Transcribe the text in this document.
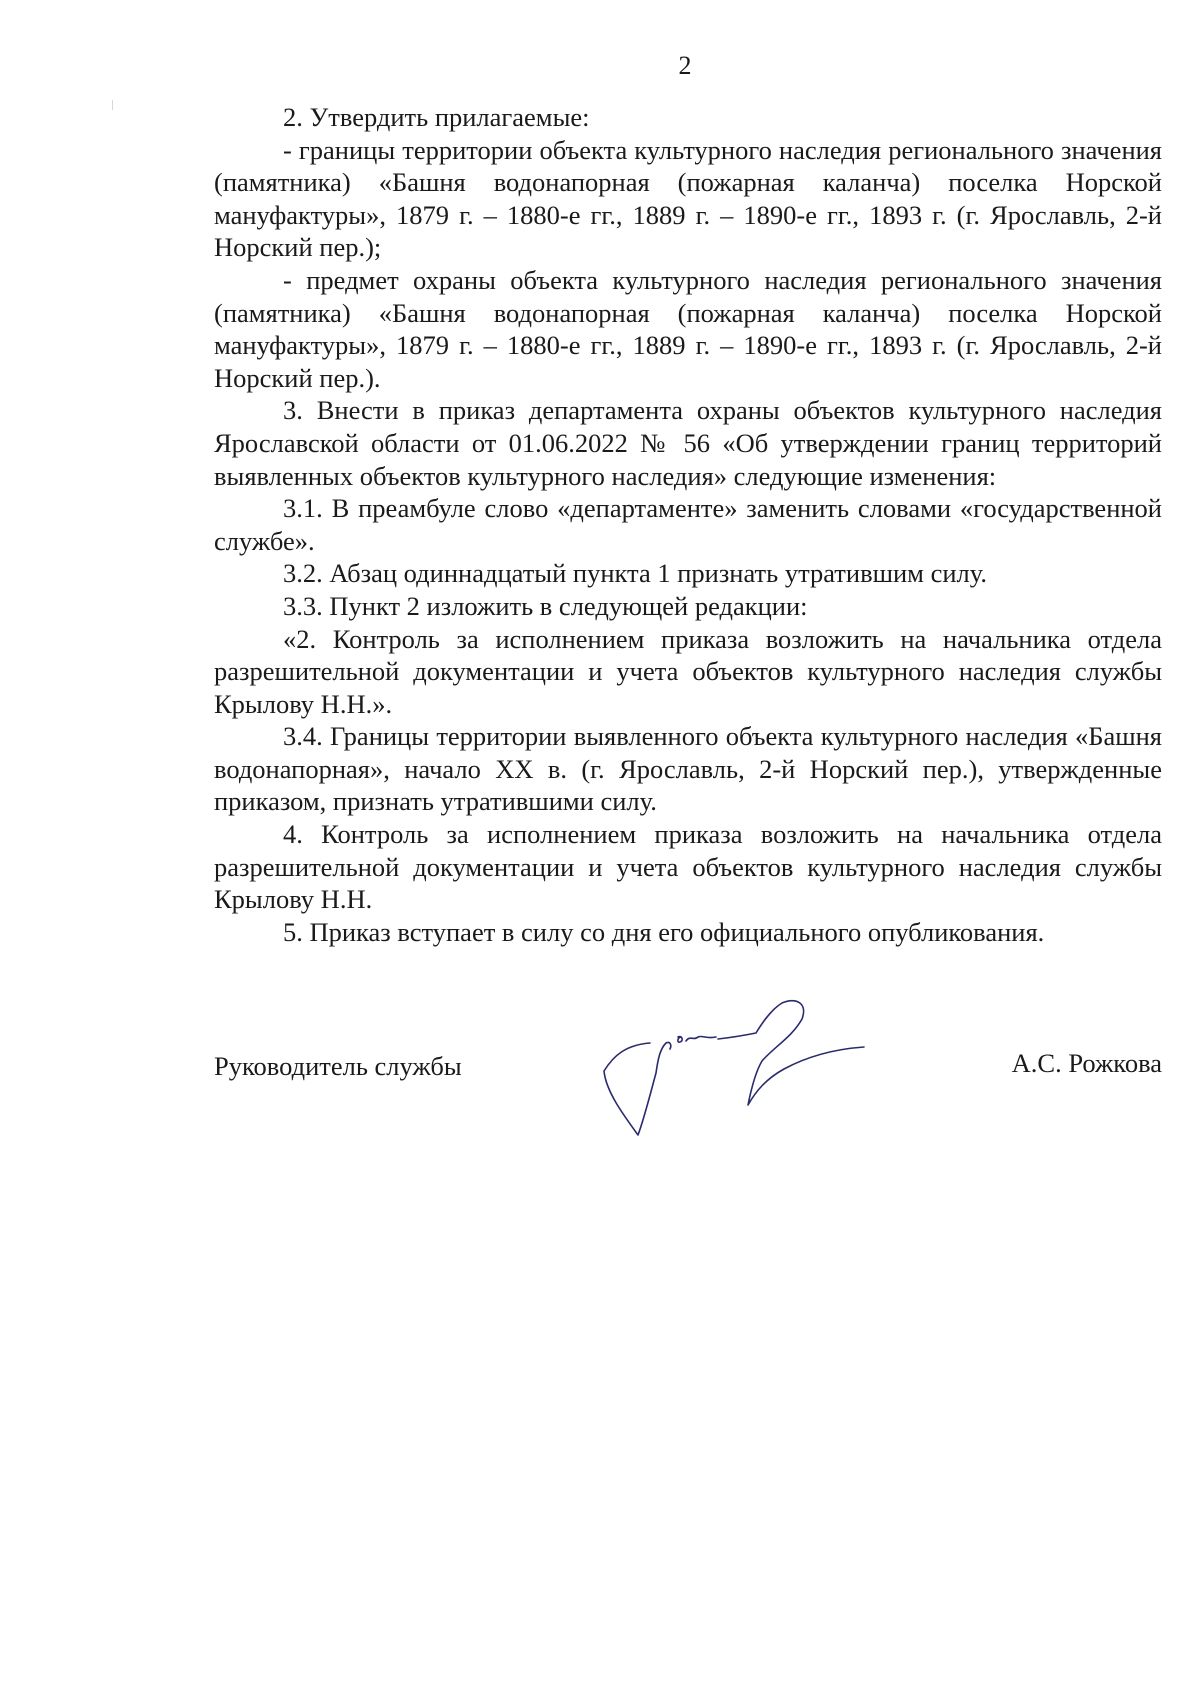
2

2. Утвердить прилагаемые:

- границы территории объекта культурного наследия регионального значения (памятника) «Башня водонапорная (пожарная каланча) поселка Норской мануфактуры», 1879 г. – 1880-е гг., 1889 г. – 1890-е гг., 1893 г. (г. Ярославль, 2-й Норский пер.);

- предмет охраны объекта культурного наследия регионального значения (памятника) «Башня водонапорная (пожарная каланча) поселка Норской мануфактуры», 1879 г. – 1880-е гг., 1889 г. – 1890-е гг., 1893 г. (г. Ярославль, 2-й Норский пер.).

3. Внести в приказ департамента охраны объектов культурного наследия Ярославской области от 01.06.2022 № 56 «Об утверждении границ территорий выявленных объектов культурного наследия» следующие изменения:

3.1. В преамбуле слово «департаменте» заменить словами «государственной службе».

3.2. Абзац одиннадцатый пункта 1 признать утратившим силу.

3.3. Пункт 2 изложить в следующей редакции:

«2. Контроль за исполнением приказа возложить на начальника отдела разрешительной документации и учета объектов культурного наследия службы Крылову Н.Н.».

3.4. Границы территории выявленного объекта культурного наследия «Башня водонапорная», начало XX в. (г. Ярославль, 2-й Норский пер.), утвержденные приказом, признать утратившими силу.

4. Контроль за исполнением приказа возложить на начальника отдела разрешительной документации и учета объектов культурного наследия службы Крылову Н.Н.

5. Приказ вступает в силу со дня его официального опубликования.

Руководитель службы	А.С. Рожкова
